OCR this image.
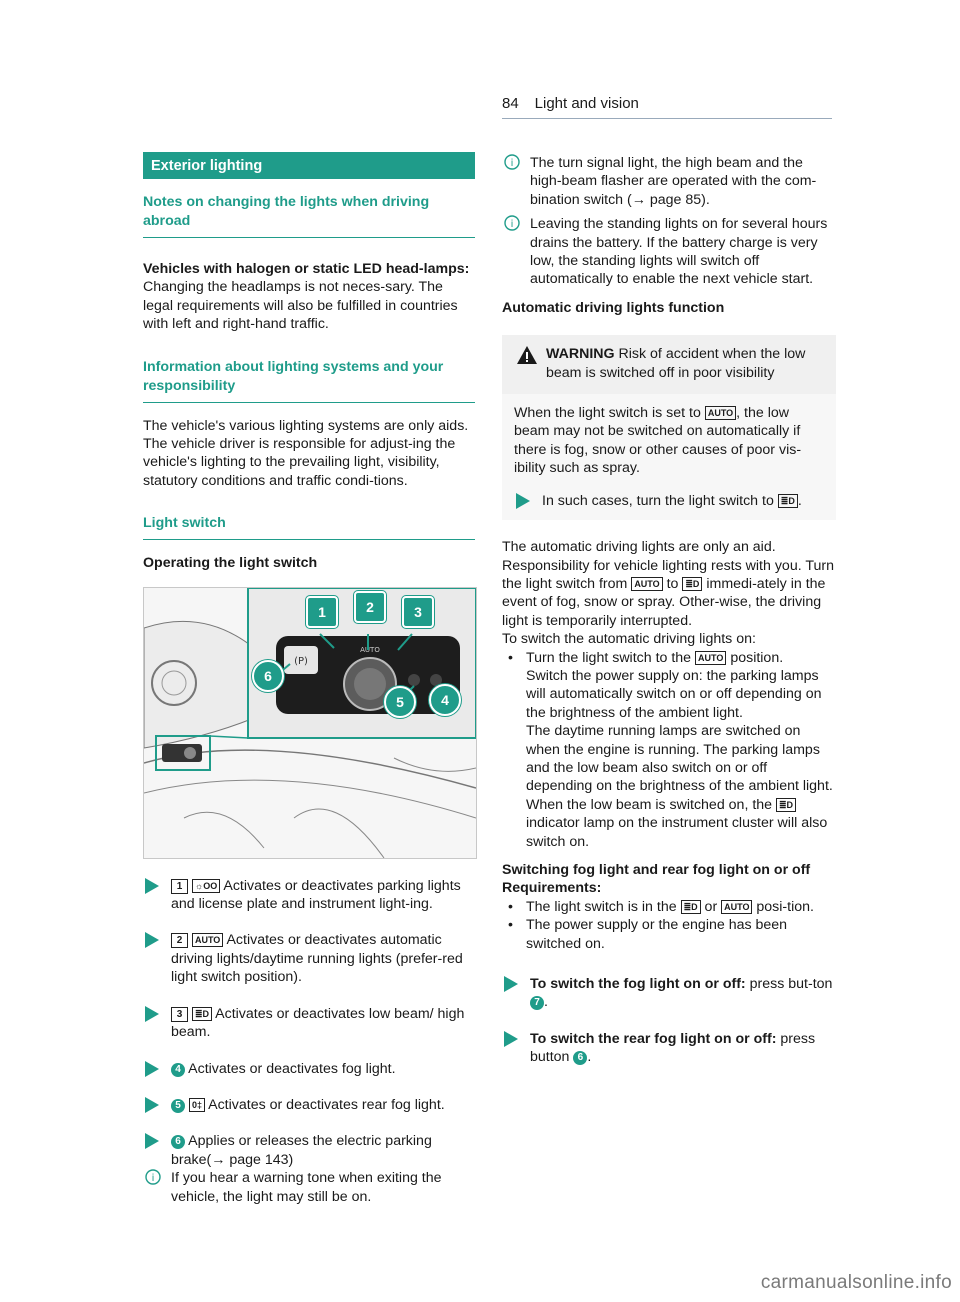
84 Light and vision
Exterior lighting
Notes on changing the lights when driving abroad

Vehicles with halogen or static LED head-lamps: Changing the headlamps is not neces-sary. The legal requirements will also be fulfilled in countries with left and right-hand traffic.

Information about lighting systems and your responsibility

The vehicle's various lighting systems are only aids. The vehicle driver is responsible for adjust-ing the vehicle's lighting to the prevailing light, visibility, statutory conditions and traffic condi-tions.

Light switch

Operating the light switch

(P)
AUTO
1	2	3
4
5
6

1 ☼OO Activates or deactivates parking lights and license plate and instrument light-ing.

2 AUTO Activates or deactivates automatic driving lights/daytime running lights (prefer-red light switch position).

3 ≣D Activates or deactivates low beam/ high beam.

4 Activates or deactivates fog light.

5 0‡ Activates or deactivates rear fog light.

6 Applies or releases the electric parking brake(→ page 143)

i If you hear a warning tone when exiting the vehicle, the light may still be on.

i The turn signal light, the high beam and the high-beam flasher are operated with the com-bination switch (→ page 85).

i Leaving the standing lights on for several hours drains the battery. If the battery charge is very low, the standing lights will switch off automatically to enable the next vehicle start.

Automatic driving lights function

WARNING Risk of accident when the low beam is switched off in poor visibility

When the light switch is set to AUTO , the low beam may not be switched on automatically if there is fog, snow or other causes of poor vis-ibility such as spray.

In such cases, turn the light switch to ≣D .

The automatic driving lights are only an aid. Responsibility for vehicle lighting rests with you. Turn the light switch from AUTO to ≣D immedi-ately in the event of fog, snow or spray. Other-wise, the driving light is temporarily interrupted.

To switch the automatic driving lights on:

• Turn the light switch to the AUTO position.

Switch the power supply on: the parking lamps will automatically switch on or off depending on the brightness of the ambient light.

The daytime running lamps are switched on when the engine is running. The parking lamps and the low beam also switch on or off depending on the brightness of the ambient light.

When the low beam is switched on, the ≣D indicator lamp on the instrument cluster will also switch on.

Switching fog light and rear fog light on or off

Requirements:

• The light switch is in the ≣D or AUTO posi-tion.

• The power supply or the engine has been switched on.

To switch the fog light on or off: press but-ton 7 .

To switch the rear fog light on or off: press button 6 .

carmanualsonline.info
